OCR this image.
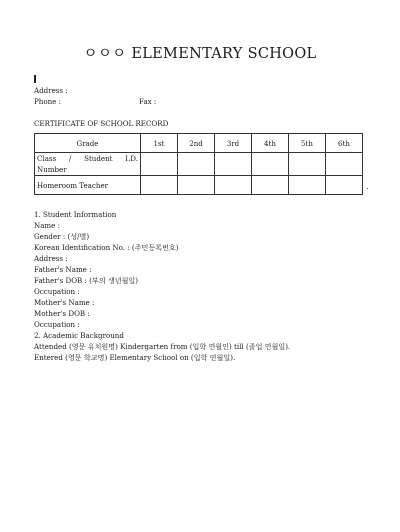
ㅇㅇㅇ ELEMENTARY SCHOOL
Address :
Phone :	Fax :
CERTIFICATE OF SCHOOL RECORD
Grade	1st	2nd	3rd	4th	5th	6th

Class / Student I.D.
Number						

Homeroom Teacher						
1. Student Information
Name :
Gender : (성/별)
Korean Identification No. : (주민등록번호)
Address :
Father's Name :
Father's DOB : (부의 생년월일)
Occupation :
Mother's Name :
Mother's DOB :
Occupation :
2. Academic Background
Attended (영문 유치원명) Kindergarten from (입학 연월인) till (졸업 연월일).
Entered (영문 학교명) Elementary School on (입학 연월일).
